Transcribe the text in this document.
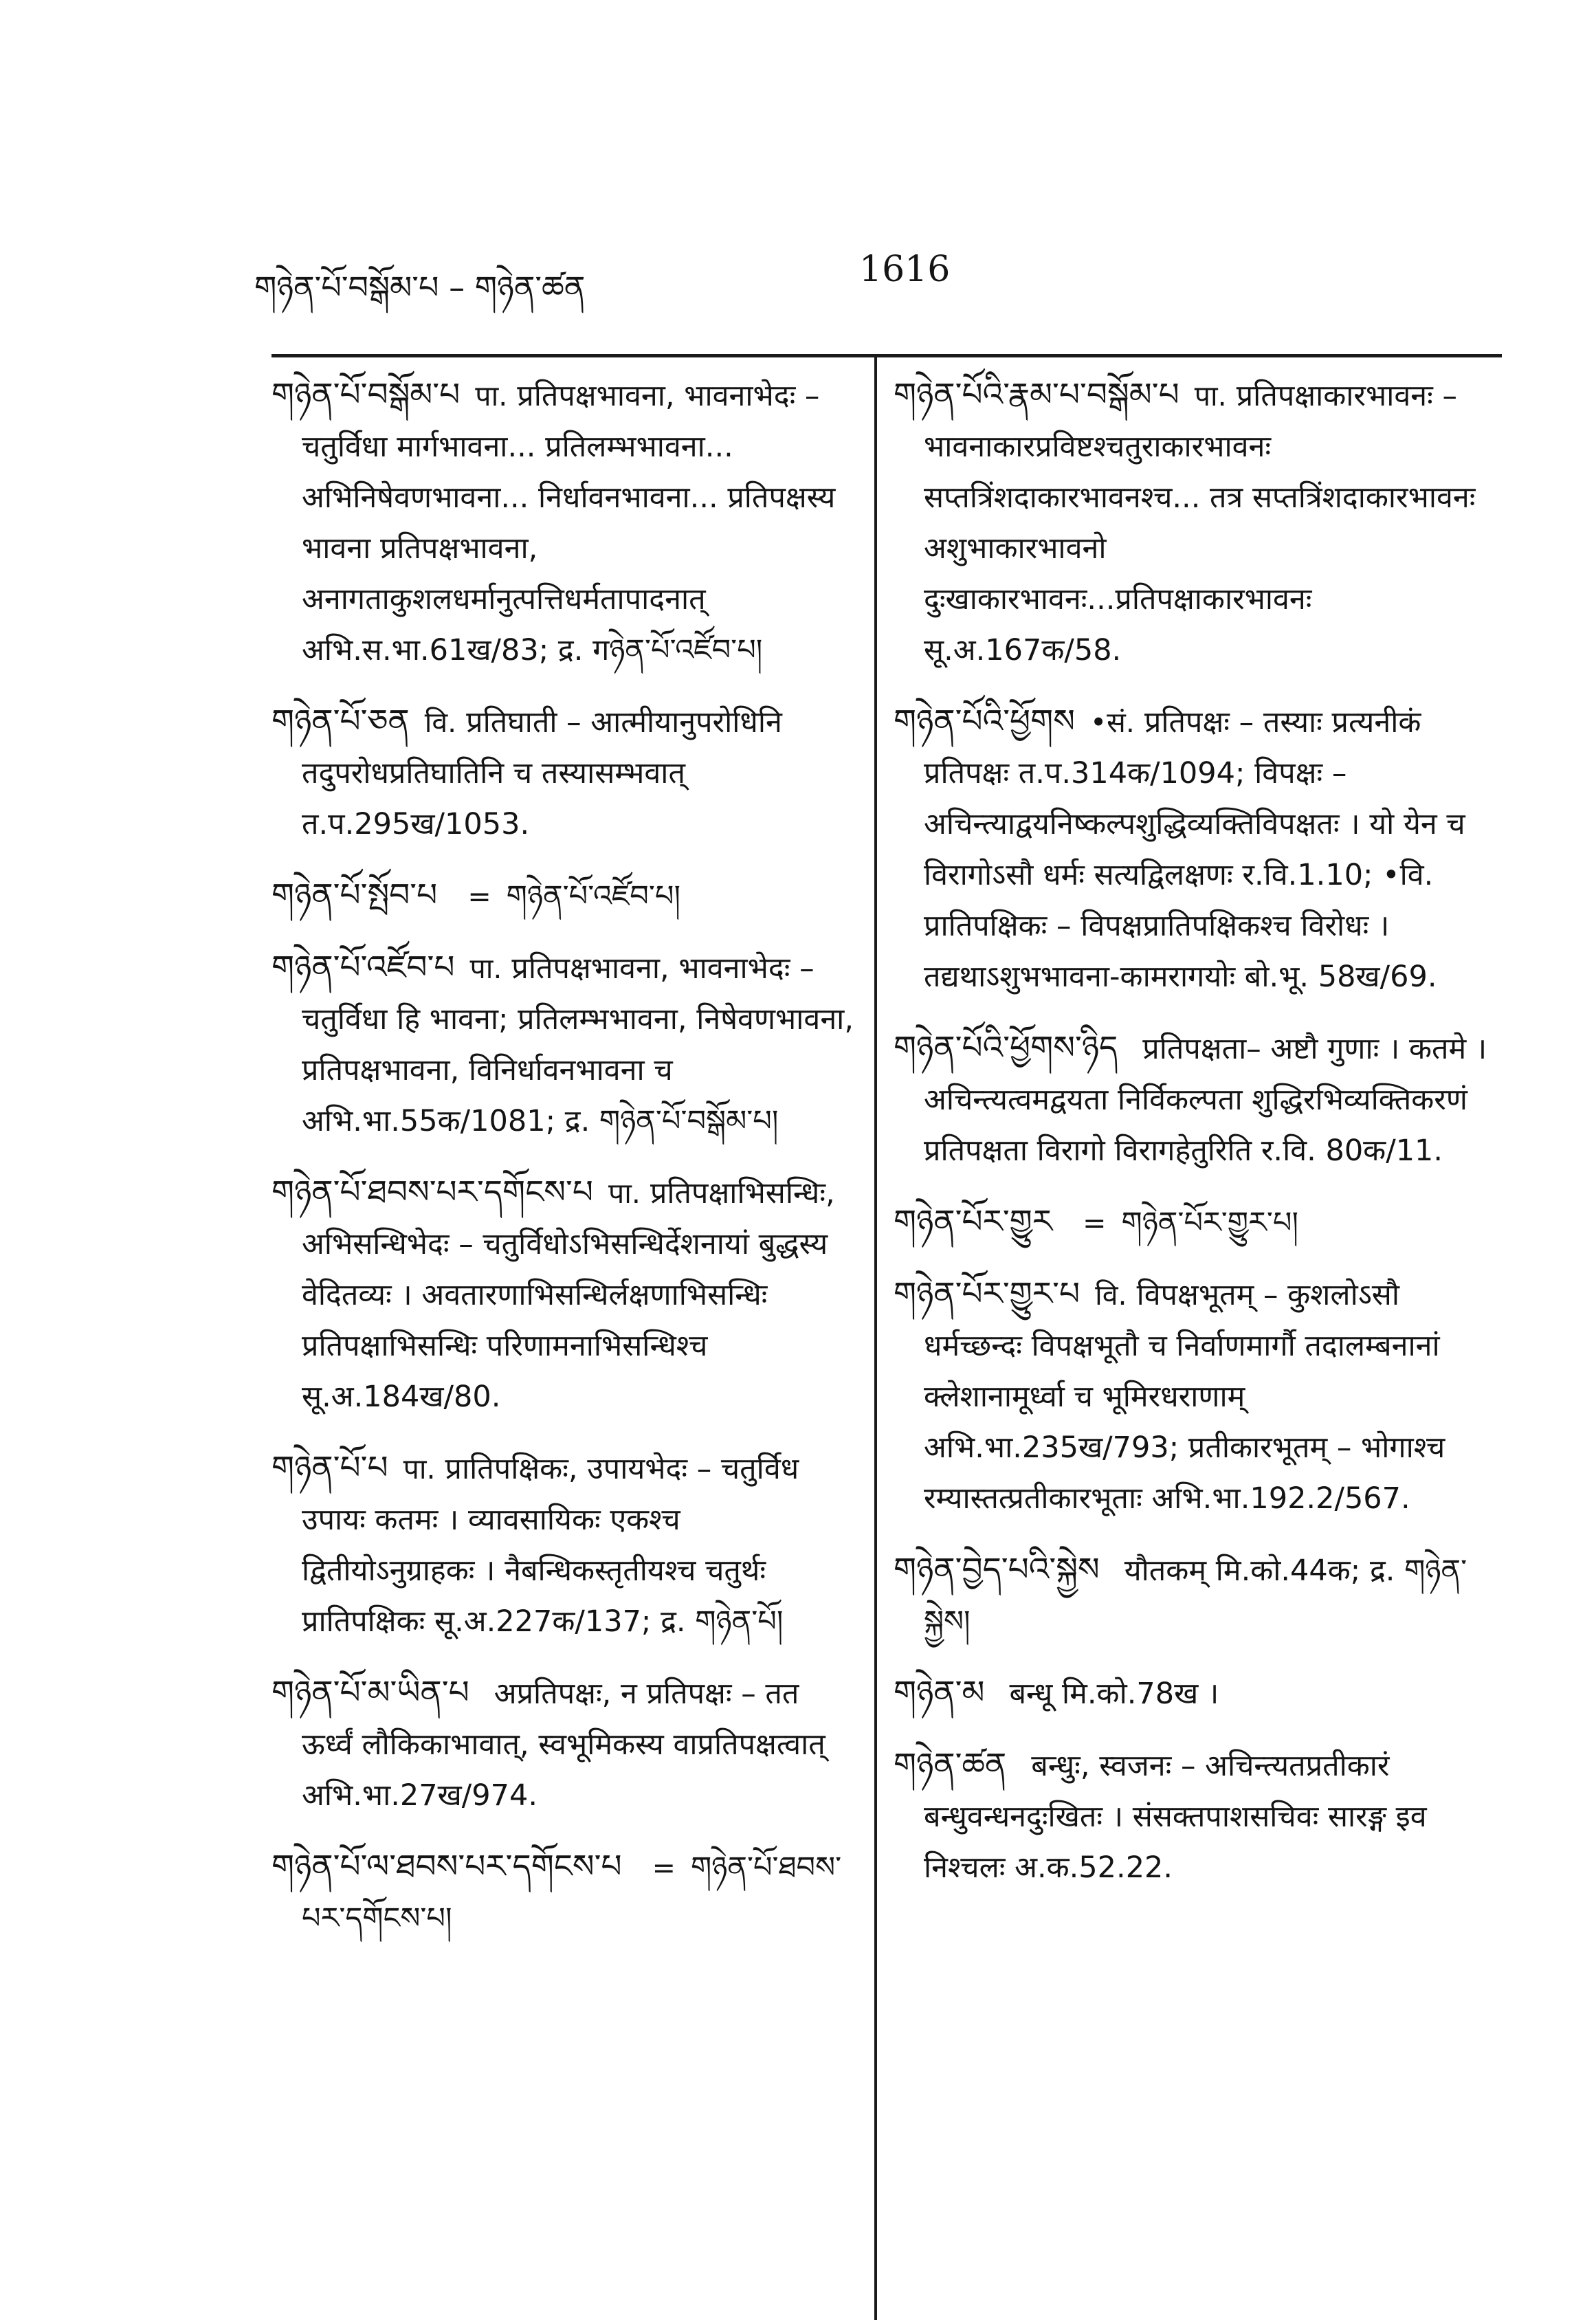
གཉེན་པོ་བསྒོམ་པ – གཉེན་ཚན	1616
གཉེན་པོ་བསྒོམ་པ पा. प्रतिपक्षभावना, भावनाभेदः – चतुर्विधा मार्गभावना... प्रतिलम्भभावना... अभिनिषेवणभावना... निर्धावनभावना... प्रतिपक्षस्य भावना प्रतिपक्षभावना, अनागताकुशलधर्मानुत्पत्तिधर्मतापादनात् अभि.स.भा.61ख/83; द्र. गཉེན་པོ་འཛོབ་པ།
གཉེན་པོ་ཅན वि. प्रतिघाती – आत्मीयानुपरोधिनि तदुपरोधप्रतिघातिनि च तस्यासम्भवात् त.प.295ख/1053.
གཉེན་པོ་སྤོབ་པ = གཉེན་པོ་འཛོབ་པ།
གཉེན་པོ་འཛོབ་པ पा. प्रतिपक्षभावना, भावनाभेदः – चतुर्विधा हि भावना; प्रतिलम्भभावना, निषेवणभावना, प्रतिपक्षभावना, विनिर्धावनभावना च अभि.भा.55क/1081; द्र. གཉེན་པོ་བསྒོམ་པ།
གཉེན་པོ་ཐབས་པར་དགོངས་པ पा. प्रतिपक्षाभिसन्धिः, अभिसन्धिभेदः – चतुर्विधोऽभिसन्धिर्देशनायां बुद्धस्य वेदितव्यः । अवतारणाभिसन्धिर्लक्षणाभिसन्धिः प्रतिपक्षाभिसन्धिः परिणामनाभिसन्धिश्च सू.अ.184ख/80.
གཉེན་པོ་པ पा. प्रातिपक्षिकः, उपायभेदः – चतुर्विध उपायः कतमः । व्यावसायिकः एकश्च द्वितीयोऽनुग्राहकः । नैबन्धिकस्तृतीयश्च चतुर्थः प्रातिपक्षिकः सू.अ.227क/137; द्र. གཉེན་པོ།
གཉེན་པོ་མ་ཡིན་པ अप्रतिपक्षः, न प्रतिपक्षः – तत ऊर्ध्वं लौकिकाभावात्, स्वभूमिकस्य वाप्रतिपक्षत्वात् अभि.भा.27ख/974.
གཉེན་པོ་ལ་ཐབས་པར་དགོངས་པ = གཉེན་པོ་ཐབས་པར་དགོངས་པ།
གཉེན་པོའི་རྣམ་པ་བསྒོམ་པ पा. प्रतिपक्षाकारभावनः – भावनाकारप्रविष्टश्चतुराकारभावनः सप्तत्रिंशदाकारभावनश्च... तत्र सप्तत्रिंशदाकारभावनः अशुभाकारभावनो दुःखाकारभावनः...प्रतिपक्षाकारभावनः सू.अ.167क/58.
གཉེན་པོའི་ཕྱོགས •सं. प्रतिपक्षः – तस्याः प्रत्यनीकं प्रतिपक्षः त.प.314क/1094; विपक्षः – अचिन्त्याद्वयनिष्कल्पशुद्धिव्यक्तिविपक्षतः । यो येन च विरागोऽसौ धर्मः सत्यद्विलक्षणः र.वि.1.10; •वि. प्रातिपक्षिकः – विपक्षप्रातिपक्षिकश्च विरोधः । तद्यथाऽशुभभावना-कामरागयोः बो.भू. 58ख/69.
གཉེན་པོའི་ཕྱོགས་ཉིད प्रतिपक्षता– अष्टौ गुणाः । कतमे । अचिन्त्यत्वमद्वयता निर्विकल्पता शुद्धिरभिव्यक्तिकरणं प्रतिपक्षता विरागो विरागहेतुरिति र.वि. 80क/11.
གཉེན་པོར་གྱུར = གཉེན་པོར་གྱུར་པ།
གཉེན་པོར་གྱུར་པ वि. विपक्षभूतम् – कुशलोऽसौ धर्मच्छन्दः विपक्षभूतौ च निर्वाणमार्गौ तदालम्बनानां क्लेशानामूर्ध्वा च भूमिरधराणाम् अभि.भा.235ख/793; प्रतीकारभूतम् – भोगाश्च रम्यास्तत्प्रतीकारभूताः अभि.भा.192.2/567.
གཉེན་བྱེད་པའི་སྐྱེས यौतकम् मि.को.44क; द्र. གཉེན་སྐྱེས།
གཉེན་མ बन्धू मि.को.78ख ।
གཉེན་ཚན बन्धुः, स्वजनः – अचिन्त्यतप्रतीकारं बन्धुवन्धनदुःखितः । संसक्तपाशसचिवः सारङ्ग इव निश्चलः अ.क.52.22.
